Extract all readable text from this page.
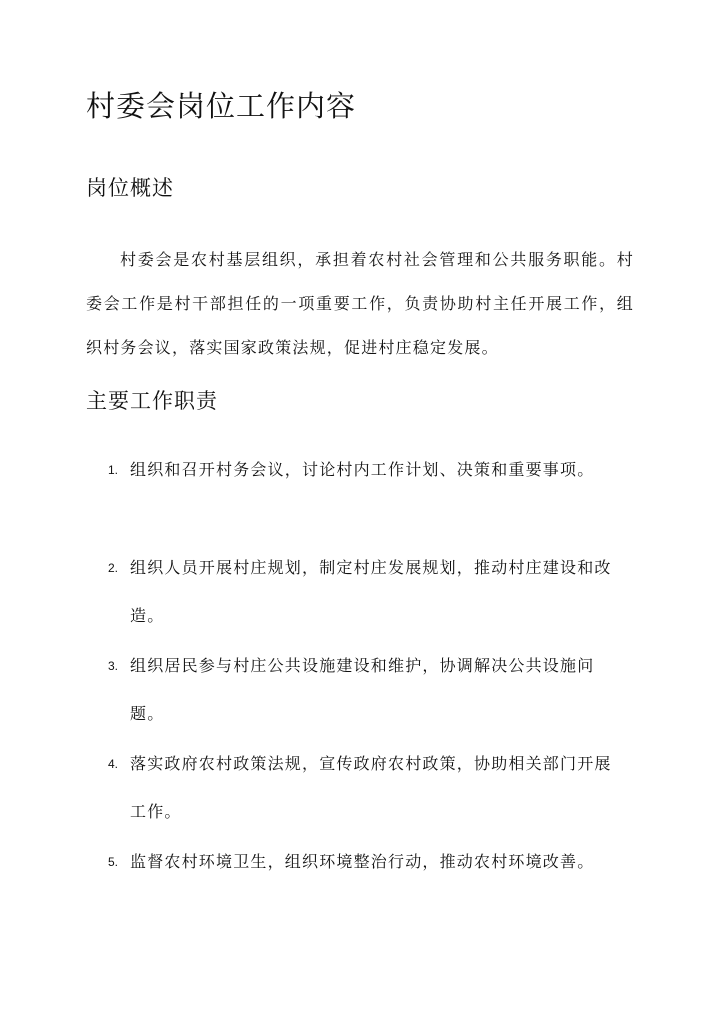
村委会岗位工作内容
岗位概述

村委会是农村基层组织，承担着农村社会管理和公共服务职能。村委会工作是村干部担任的一项重要工作，负责协助村主任开展工作，组织村务会议，落实国家政策法规，促进村庄稳定发展。

主要工作职责
1. 组织和召开村务会议，讨论村内工作计划、决策和重要事项。
2. 组织人员开展村庄规划，制定村庄发展规划，推动村庄建设和改造。
3. 组织居民参与村庄公共设施建设和维护，协调解决公共设施问题。
4. 落实政府农村政策法规，宣传政府农村政策，协助相关部门开展工作。
5. 监督农村环境卫生，组织环境整治行动，推动农村环境改善。
